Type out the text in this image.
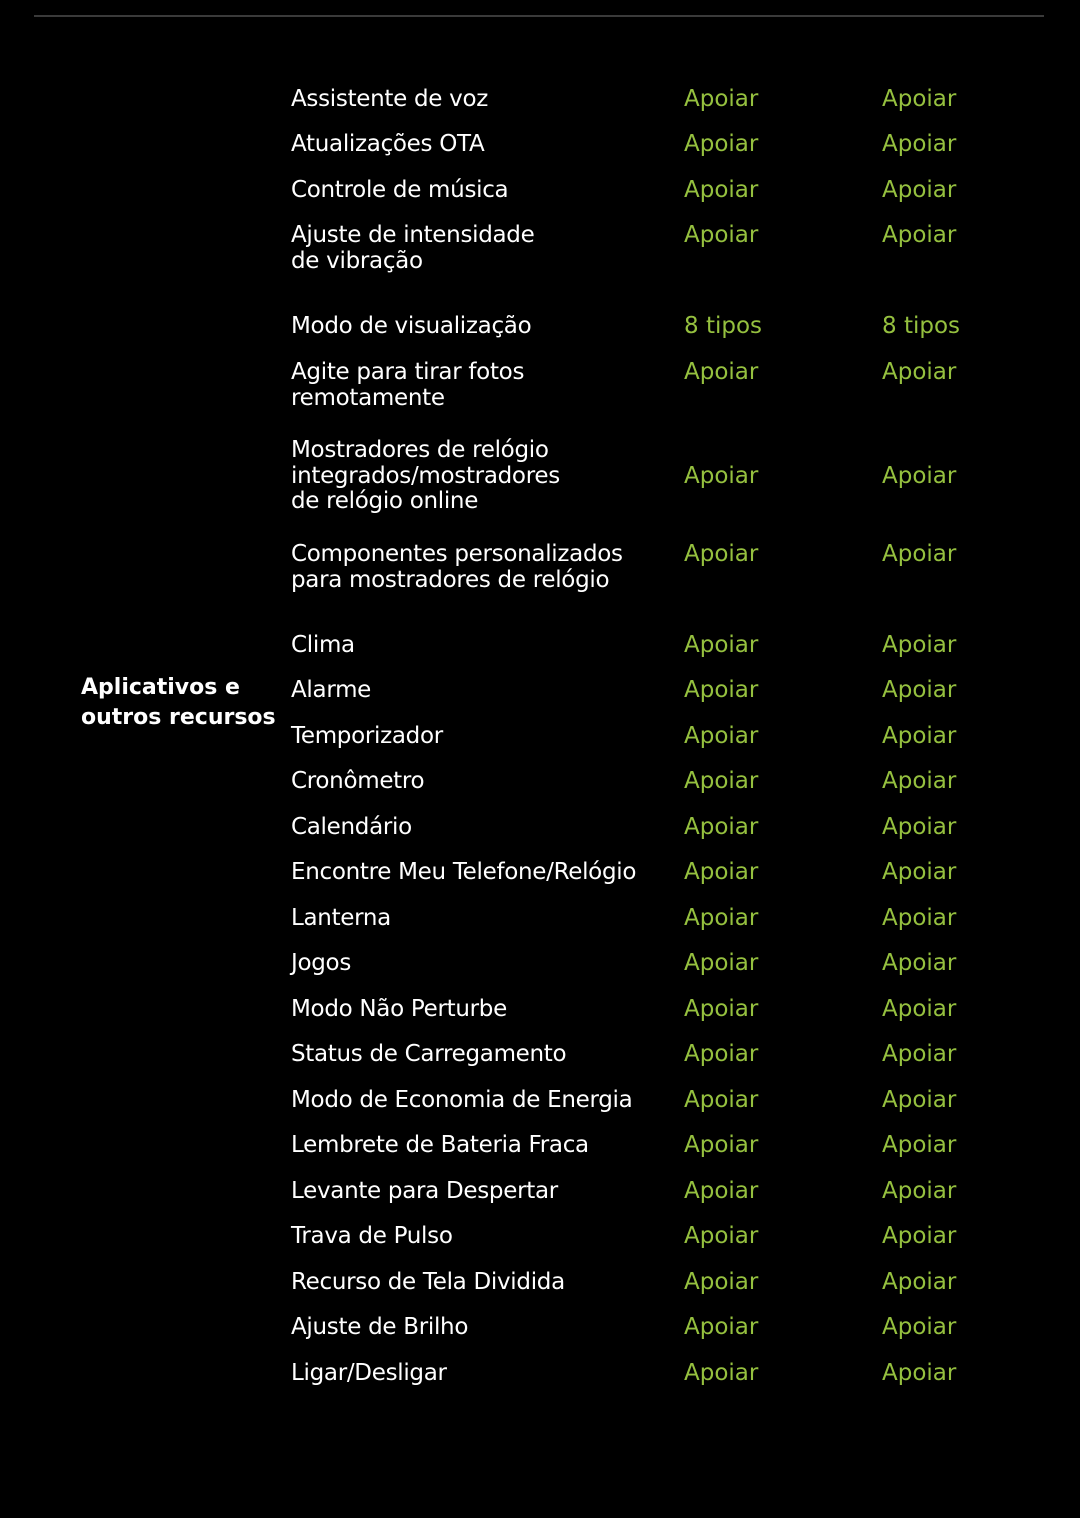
Aplicativos e
outros recursos
Assistente de voz	Apoiar	Apoiar
Atualizações OTA	Apoiar	Apoiar
Controle de música	Apoiar	Apoiar
Ajuste de intensidade
de vibração
Apoiar	Apoiar
Modo de visualização	8 tipos	8 tipos
Agite para tirar fotos
remotamente
Apoiar	Apoiar
Mostradores de relógio
integrados/mostradores
de relógio online
Apoiar	Apoiar
Componentes personalizados
para mostradores de relógio
Apoiar	Apoiar
Clima	Apoiar	Apoiar
Alarme	Apoiar	Apoiar
Temporizador	Apoiar	Apoiar
Cronômetro	Apoiar	Apoiar
Calendário	Apoiar	Apoiar
Encontre Meu Telefone/Relógio	Apoiar	Apoiar
Lanterna	Apoiar	Apoiar
Jogos	Apoiar	Apoiar
Modo Não Perturbe	Apoiar	Apoiar
Status de Carregamento	Apoiar	Apoiar
Modo de Economia de Energia	Apoiar	Apoiar
Lembrete de Bateria Fraca	Apoiar	Apoiar
Levante para Despertar	Apoiar	Apoiar
Trava de Pulso	Apoiar	Apoiar
Recurso de Tela Dividida	Apoiar	Apoiar
Ajuste de Brilho	Apoiar	Apoiar
Ligar/Desligar	Apoiar	Apoiar
